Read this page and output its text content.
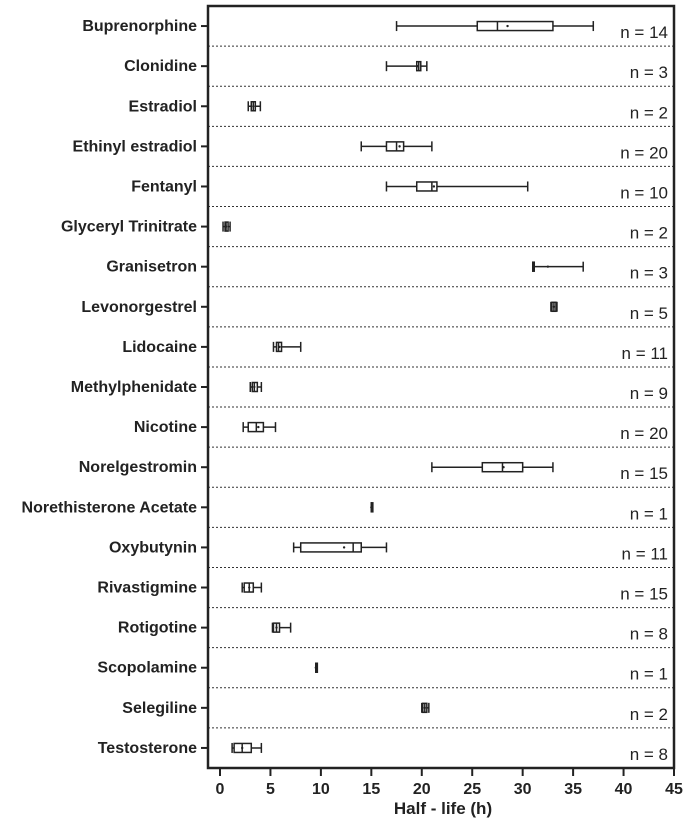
Buprenorphine
Clonidine
Estradiol
Ethinyl estradiol
Fentanyl
Glyceryl Trinitrate
Granisetron
Levonorgestrel
Lidocaine
Methylphenidate
Nicotine
Norelgestromin
Norethisterone Acetate
Oxybutynin
Rivastigmine
Rotigotine
Scopolamine
Selegiline
Testosterone
n = 14
n = 3
n = 2
n = 20
n = 10
n = 2
n = 3
n = 5
n = 11
n = 9
n = 20
n = 15
n = 1
n = 11
n = 15
n = 8
n = 1
n = 2
n = 8
0	5 10 15 20 25 30 35 40 45
Half - life (h)
